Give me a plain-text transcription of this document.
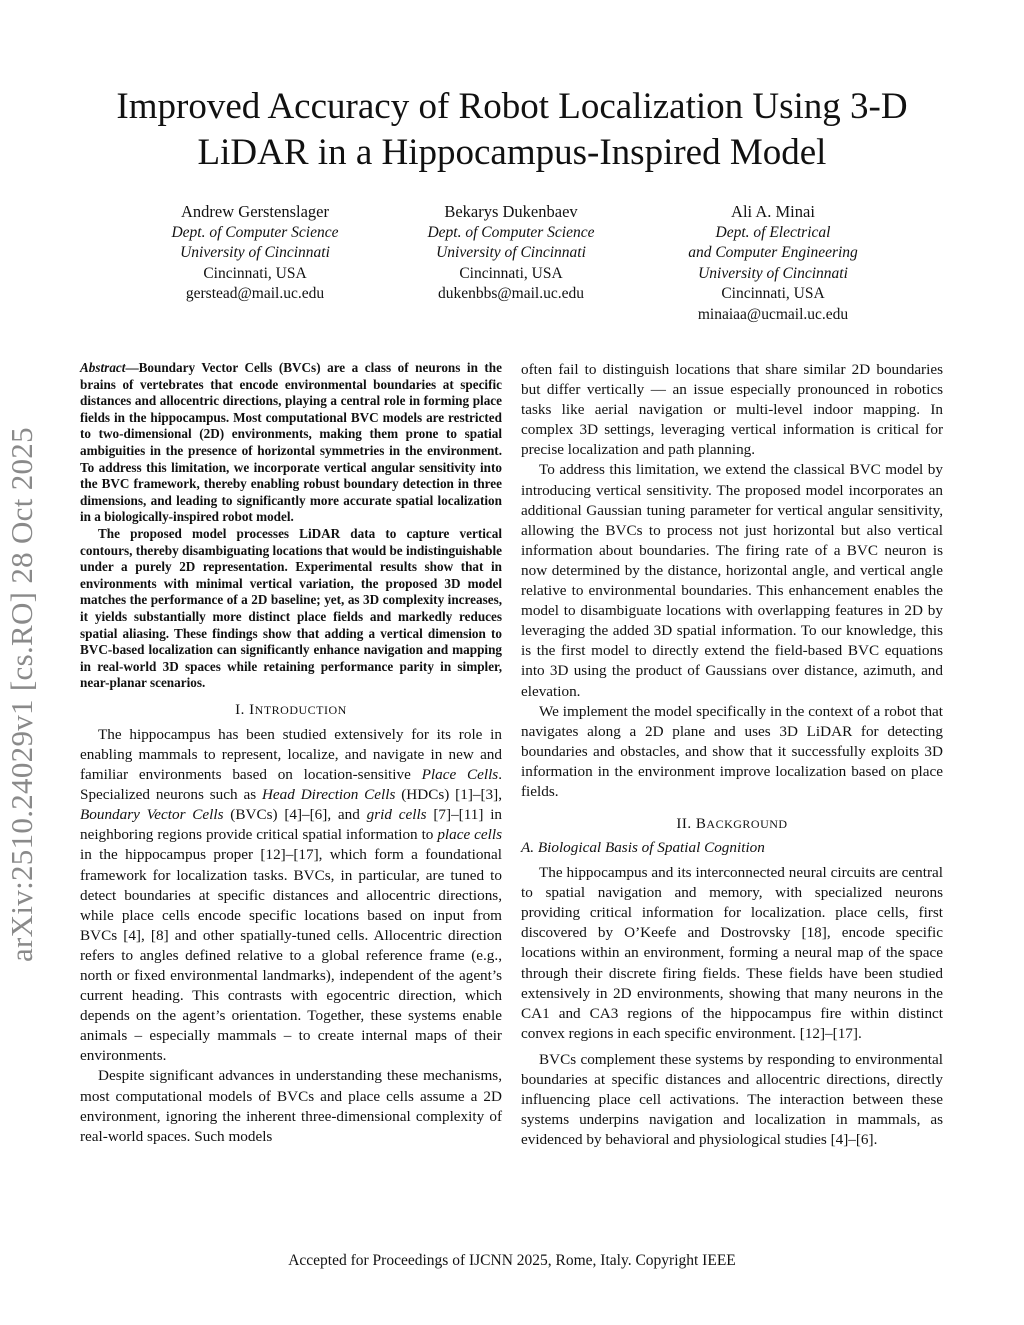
Improved Accuracy of Robot Localization Using 3-D LiDAR in a Hippocampus-Inspired Model
Andrew Gerstenslager
Dept. of Computer Science
University of Cincinnati
Cincinnati, USA
gerstead@mail.uc.edu
Bekarys Dukenbaev
Dept. of Computer Science
University of Cincinnati
Cincinnati, USA
dukenbbs@mail.uc.edu
Ali A. Minai
Dept. of Electrical
and Computer Engineering
University of Cincinnati
Cincinnati, USA
minaiaa@ucmail.uc.edu
arXiv:2510.24029v1 [cs.RO] 28 Oct 2025

Abstract—Boundary Vector Cells (BVCs) are a class of neurons in the brains of vertebrates that encode environmental boundaries at specific distances and allocentric directions, playing a central role in forming place fields in the hippocampus. Most computational BVC models are restricted to two-dimensional (2D) environments, making them prone to spatial ambiguities in the presence of horizontal symmetries in the environment. To address this limitation, we incorporate vertical angular sensitivity into the BVC framework, thereby enabling robust boundary detection in three dimensions, and leading to significantly more accurate spatial localization in a biologically-inspired robot model.

The proposed model processes LiDAR data to capture vertical contours, thereby disambiguating locations that would be indistinguishable under a purely 2D representation. Experimental results show that in environments with minimal vertical variation, the proposed 3D model matches the performance of a 2D baseline; yet, as 3D complexity increases, it yields substantially more distinct place fields and markedly reduces spatial aliasing. These findings show that adding a vertical dimension to BVC-based localization can significantly enhance navigation and mapping in real-world 3D spaces while retaining performance parity in simpler, near-planar scenarios.

I. INTRODUCTION

The hippocampus has been studied extensively for its role in enabling mammals to represent, localize, and navigate in new and familiar environments based on location-sensitive Place Cells. Specialized neurons such as Head Direction Cells (HDCs) [1]–[3], Boundary Vector Cells (BVCs) [4]–[6], and grid cells [7]–[11] in neighboring regions provide critical spatial information to place cells in the hippocampus proper [12]–[17], which form a foundational framework for localization tasks. BVCs, in particular, are tuned to detect boundaries at specific distances and allocentric directions, while place cells encode specific locations based on input from BVCs [4], [8] and other spatially-tuned cells. Allocentric direction refers to angles defined relative to a global reference frame (e.g., north or fixed environmental landmarks), independent of the agent’s current heading. This contrasts with egocentric direction, which depends on the agent’s orientation. Together, these systems enable animals – especially mammals – to create internal maps of their environments.

Despite significant advances in understanding these mechanisms, most computational models of BVCs and place cells assume a 2D environment, ignoring the inherent three-dimensional complexity of real-world spaces. Such models

often fail to distinguish locations that share similar 2D boundaries but differ vertically — an issue especially pronounced in robotics tasks like aerial navigation or multi-level indoor mapping. In complex 3D settings, leveraging vertical information is critical for precise localization and path planning.

To address this limitation, we extend the classical BVC model by introducing vertical sensitivity. The proposed model incorporates an additional Gaussian tuning parameter for vertical angular sensitivity, allowing the BVCs to process not just horizontal but also vertical information about boundaries. The firing rate of a BVC neuron is now determined by the distance, horizontal angle, and vertical angle relative to environmental boundaries. This enhancement enables the model to disambiguate locations with overlapping features in 2D by leveraging the added 3D spatial information. To our knowledge, this is the first model to directly extend the field-based BVC equations into 3D using the product of Gaussians over distance, azimuth, and elevation.

We implement the model specifically in the context of a robot that navigates along a 2D plane and uses 3D LiDAR for detecting boundaries and obstacles, and show that it successfully exploits 3D information in the environment improve localization based on place fields.

II. BACKGROUND
A. Biological Basis of Spatial Cognition

The hippocampus and its interconnected neural circuits are central to spatial navigation and memory, with specialized neurons providing critical information for localization. place cells, first discovered by O’Keefe and Dostrovsky [18], encode specific locations within an environment, forming a neural map of the space through their discrete firing fields. These fields have been studied extensively in 2D environments, showing that many neurons in the CA1 and CA3 regions of the hippocampus fire within distinct convex regions in each specific environment. [12]–[17].

BVCs complement these systems by responding to environmental boundaries at specific distances and allocentric directions, directly influencing place cell activations. The interaction between these systems underpins navigation and localization in mammals, as evidenced by behavioral and physiological studies [4]–[6].

Accepted for Proceedings of IJCNN 2025, Rome, Italy. Copyright IEEE
